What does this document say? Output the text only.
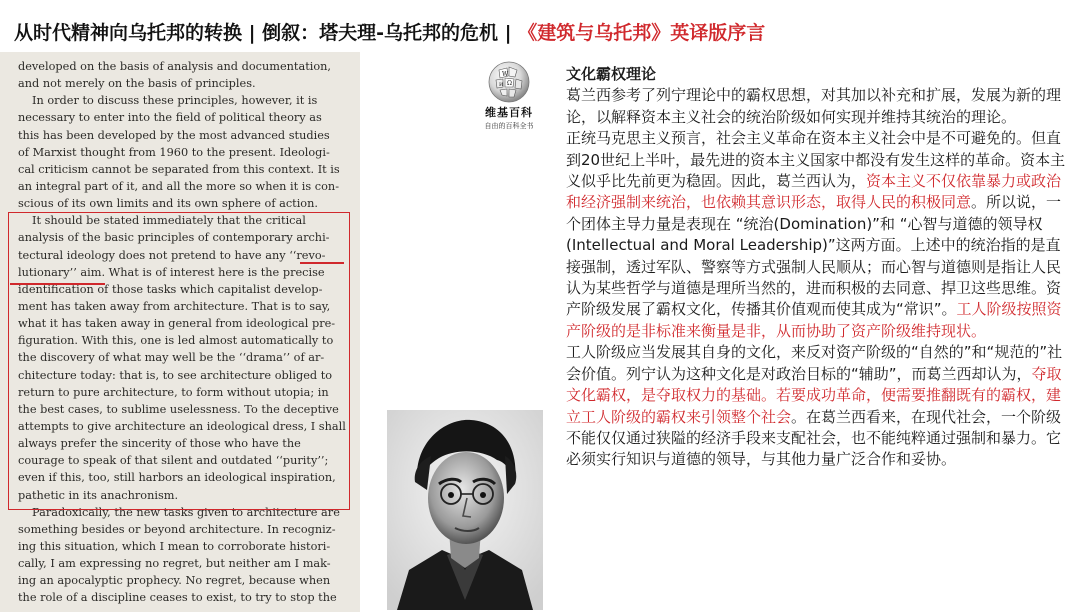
从时代精神向乌托邦的转换 | 倒叙：塔夫理-乌托邦的危机 | 《建筑与乌托邦》英译版序言
developed on the basis of analysis and documentation,
and not merely on the basis of principles.
In order to discuss these principles, however, it is
necessary to enter into the field of political theory as
this has been developed by the most advanced studies
of Marxist thought from 1960 to the present. Ideologi-
cal criticism cannot be separated from this context. It is
an integral part of it, and all the more so when it is con-
scious of its own limits and its own sphere of action.
It should be stated immediately that the critical
analysis of the basic principles of contemporary archi-
tectural ideology does not pretend to have any ‘‘revo-
lutionary’’ aim. What is of interest here is the precise
identification of those tasks which capitalist develop-
ment has taken away from architecture. That is to say,
what it has taken away in general from ideological pre-
figuration. With this, one is led almost automatically to
the discovery of what may well be the ‘‘drama’’ of ar-
chitecture today: that is, to see architecture obliged to
return to pure architecture, to form without utopia; in
the best cases, to sublime uselessness. To the deceptive
attempts to give architecture an ideological dress, I shall
always prefer the sincerity of those who have the
courage to speak of that silent and outdated ‘‘purity’’;
even if this, too, still harbors an ideological inspiration,
pathetic in its anachronism.
Paradoxically, the new tasks given to architecture are
something besides or beyond architecture. In recogniz-
ing this situation, which I mean to corroborate histori-
cally, I am expressing no regret, but neither am I mak-
ing an apocalyptic prophecy. No regret, because when
the role of a discipline ceases to exist, to try to stop the
W
Ω
И
维基百科
自由的百科全书
文化霸权理论

葛兰西参考了列宁理论中的霸权思想，对其加以补充和扩展，发展为新的理论，以解释资本主义社会的统治阶级如何实现并维持其统治的理论。

正统马克思主义预言，社会主义革命在资本主义社会中是不可避免的。但直到20世纪上半叶，最先进的资本主义国家中都没有发生这样的革命。资本主义似乎比先前更为稳固。因此，葛兰西认为，资本主义不仅依靠暴力或政治和经济强制来统治，也依赖其意识形态，取得人民的积极同意。所以说，一个团体主导力量是表现在 “统治(Domination)”和 “心智与道德的领导权(Intellectual and Moral Leadership)”这两方面。上述中的统治指的是直接强制，透过军队、警察等方式强制人民顺从；而心智与道德则是指让人民认为某些哲学与道德是理所当然的，进而积极的去同意、捍卫这些思维。资产阶级发展了霸权文化，传播其价值观而使其成为“常识”。工人阶级按照资产阶级的是非标准来衡量是非，从而协助了资产阶级维持现状。

工人阶级应当发展其自身的文化，来反对资产阶级的“自然的”和“规范的”社会价值。列宁认为这种文化是对政治目标的“辅助”，而葛兰西却认为，夺取文化霸权，是夺取权力的基础。若要成功革命，便需要推翻既有的霸权，建立工人阶级的霸权来引领整个社会。在葛兰西看来，在现代社会，一个阶级不能仅仅通过狭隘的经济手段来支配社会，也不能纯粹通过强制和暴力。它必须实行知识与道德的领导，与其他力量广泛合作和妥协。
